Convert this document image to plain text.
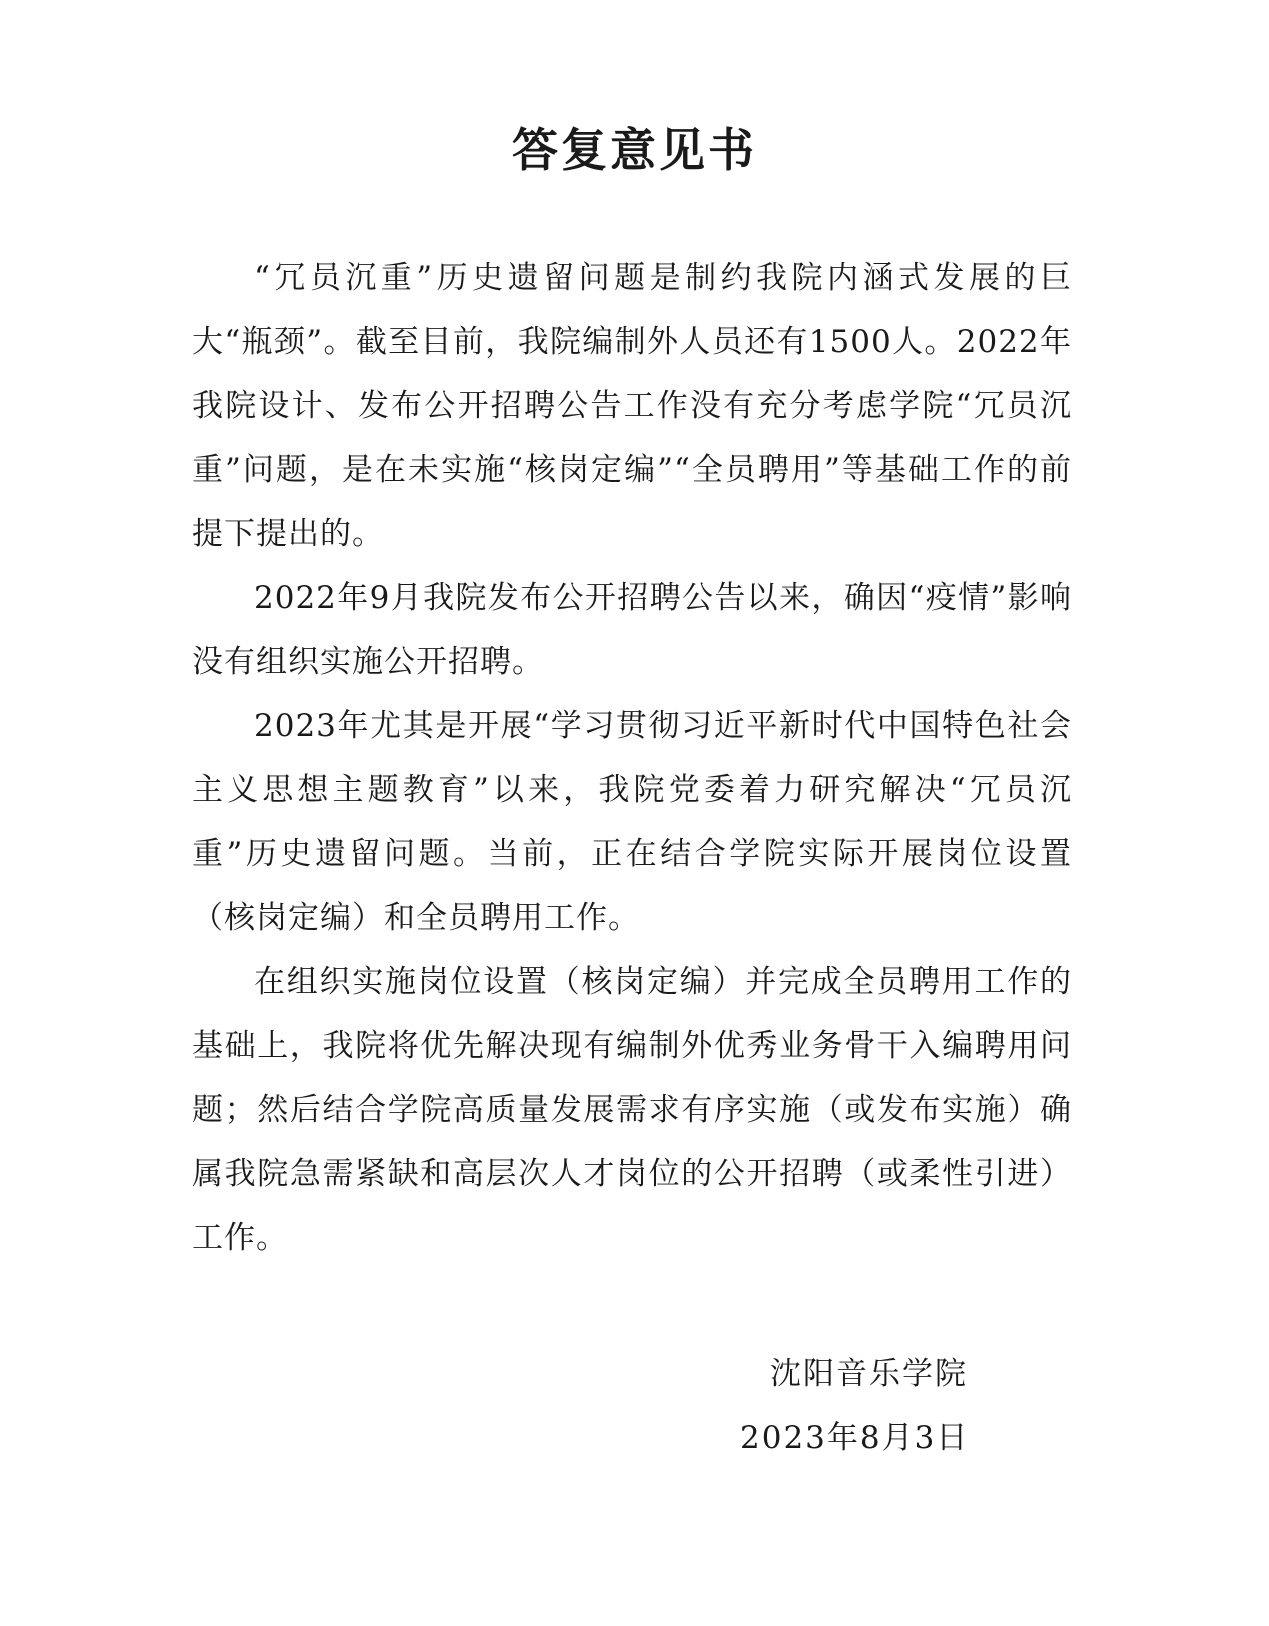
答复意见书

“冗员沉重”历史遗留问题是制约我院内涵式发展的巨大“瓶颈”。截至目前，我院编制外人员还有1500人。2022年我院设计、发布公开招聘公告工作没有充分考虑学院“冗员沉重”问题，是在未实施“核岗定编”“全员聘用”等基础工作的前提下提出的。

2022年9月我院发布公开招聘公告以来，确因“疫情”影响没有组织实施公开招聘。

2023年尤其是开展“学习贯彻习近平新时代中国特色社会主义思想主题教育”以来，我院党委着力研究解决“冗员沉重”历史遗留问题。当前，正在结合学院实际开展岗位设置（核岗定编）和全员聘用工作。

在组织实施岗位设置（核岗定编）并完成全员聘用工作的基础上，我院将优先解决现有编制外优秀业务骨干入编聘用问题；然后结合学院高质量发展需求有序实施（或发布实施）确属我院急需紧缺和高层次人才岗位的公开招聘（或柔性引进）工作。

沈阳音乐学院
2023年8月3日
